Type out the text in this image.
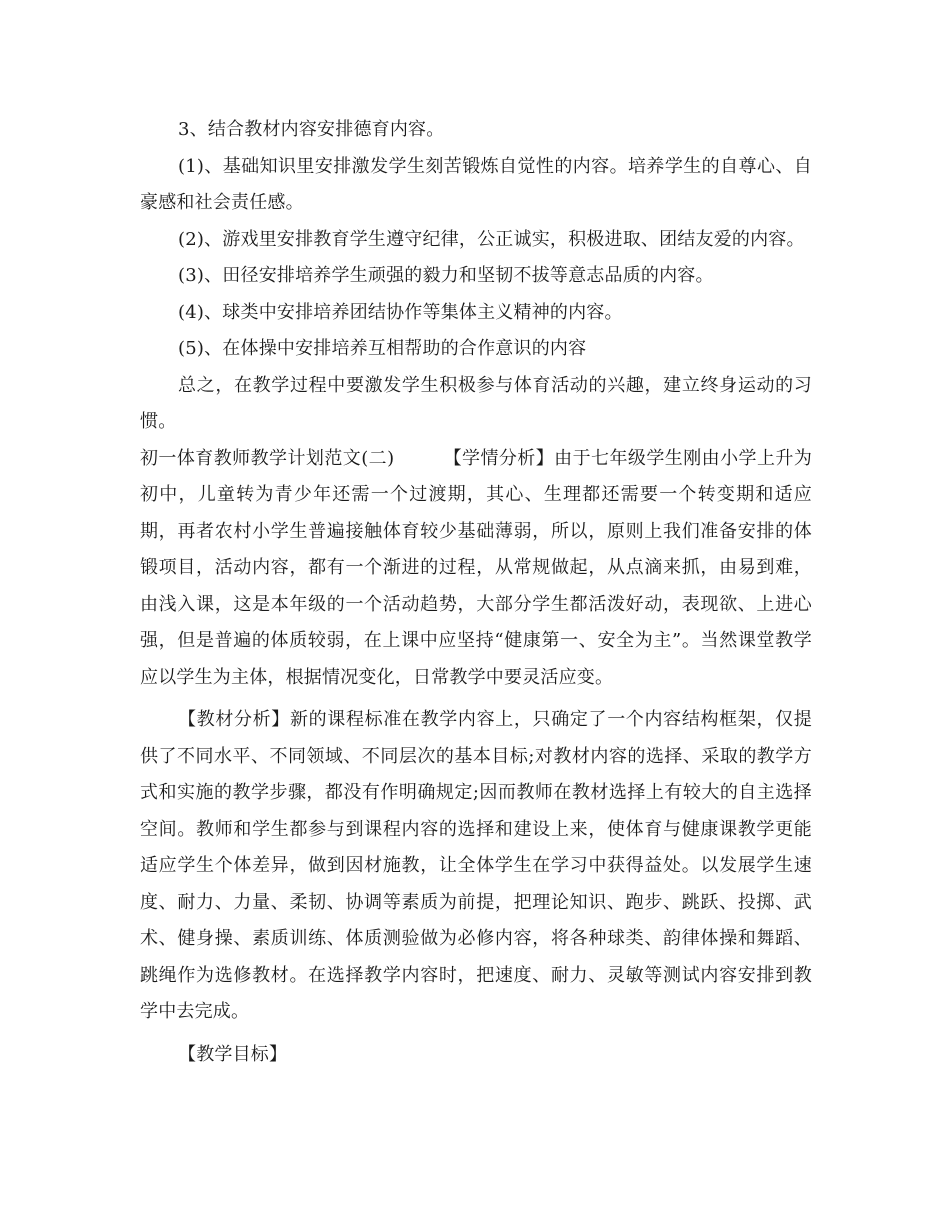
3、结合教材内容安排德育内容。

(1)、基础知识里安排激发学生刻苦锻炼自觉性的内容。培养学生的自尊心、自豪感和社会责任感。

(2)、游戏里安排教育学生遵守纪律，公正诚实，积极进取、团结友爱的内容。

(3)、田径安排培养学生顽强的毅力和坚韧不拔等意志品质的内容。

(4)、球类中安排培养团结协作等集体主义精神的内容。

(5)、在体操中安排培养互相帮助的合作意识的内容

总之，在教学过程中要激发学生积极参与体育活动的兴趣，建立终身运动的习惯。

初一体育教师教学计划范文(二)	【学情分析】由于七年级学生刚由小学上升为初中，儿童转为青少年还需一个过渡期，其心、生理都还需要一个转变期和适应期，再者农村小学生普遍接触体育较少基础薄弱，所以，原则上我们准备安排的体锻项目，活动内容，都有一个渐进的过程，从常规做起，从点滴来抓，由易到难，由浅入课，这是本年级的一个活动趋势，大部分学生都活泼好动，表现欲、上进心强，但是普遍的体质较弱，在上课中应坚持“健康第一、安全为主”。当然课堂教学应以学生为主体，根据情况变化，日常教学中要灵活应变。

【教材分析】新的课程标准在教学内容上，只确定了一个内容结构框架，仅提供了不同水平、不同领域、不同层次的基本目标;对教材内容的选择、采取的教学方式和实施的教学步骤，都没有作明确规定;因而教师在教材选择上有较大的自主选择空间。教师和学生都参与到课程内容的选择和建设上来，使体育与健康课教学更能适应学生个体差异，做到因材施教，让全体学生在学习中获得益处。以发展学生速度、耐力、力量、柔韧、协调等素质为前提，把理论知识、跑步、跳跃、投掷、武术、健身操、素质训练、体质测验做为必修内容，将各种球类、韵律体操和舞蹈、跳绳作为选修教材。在选择教学内容时，把速度、耐力、灵敏等测试内容安排到教学中去完成。

【教学目标】
